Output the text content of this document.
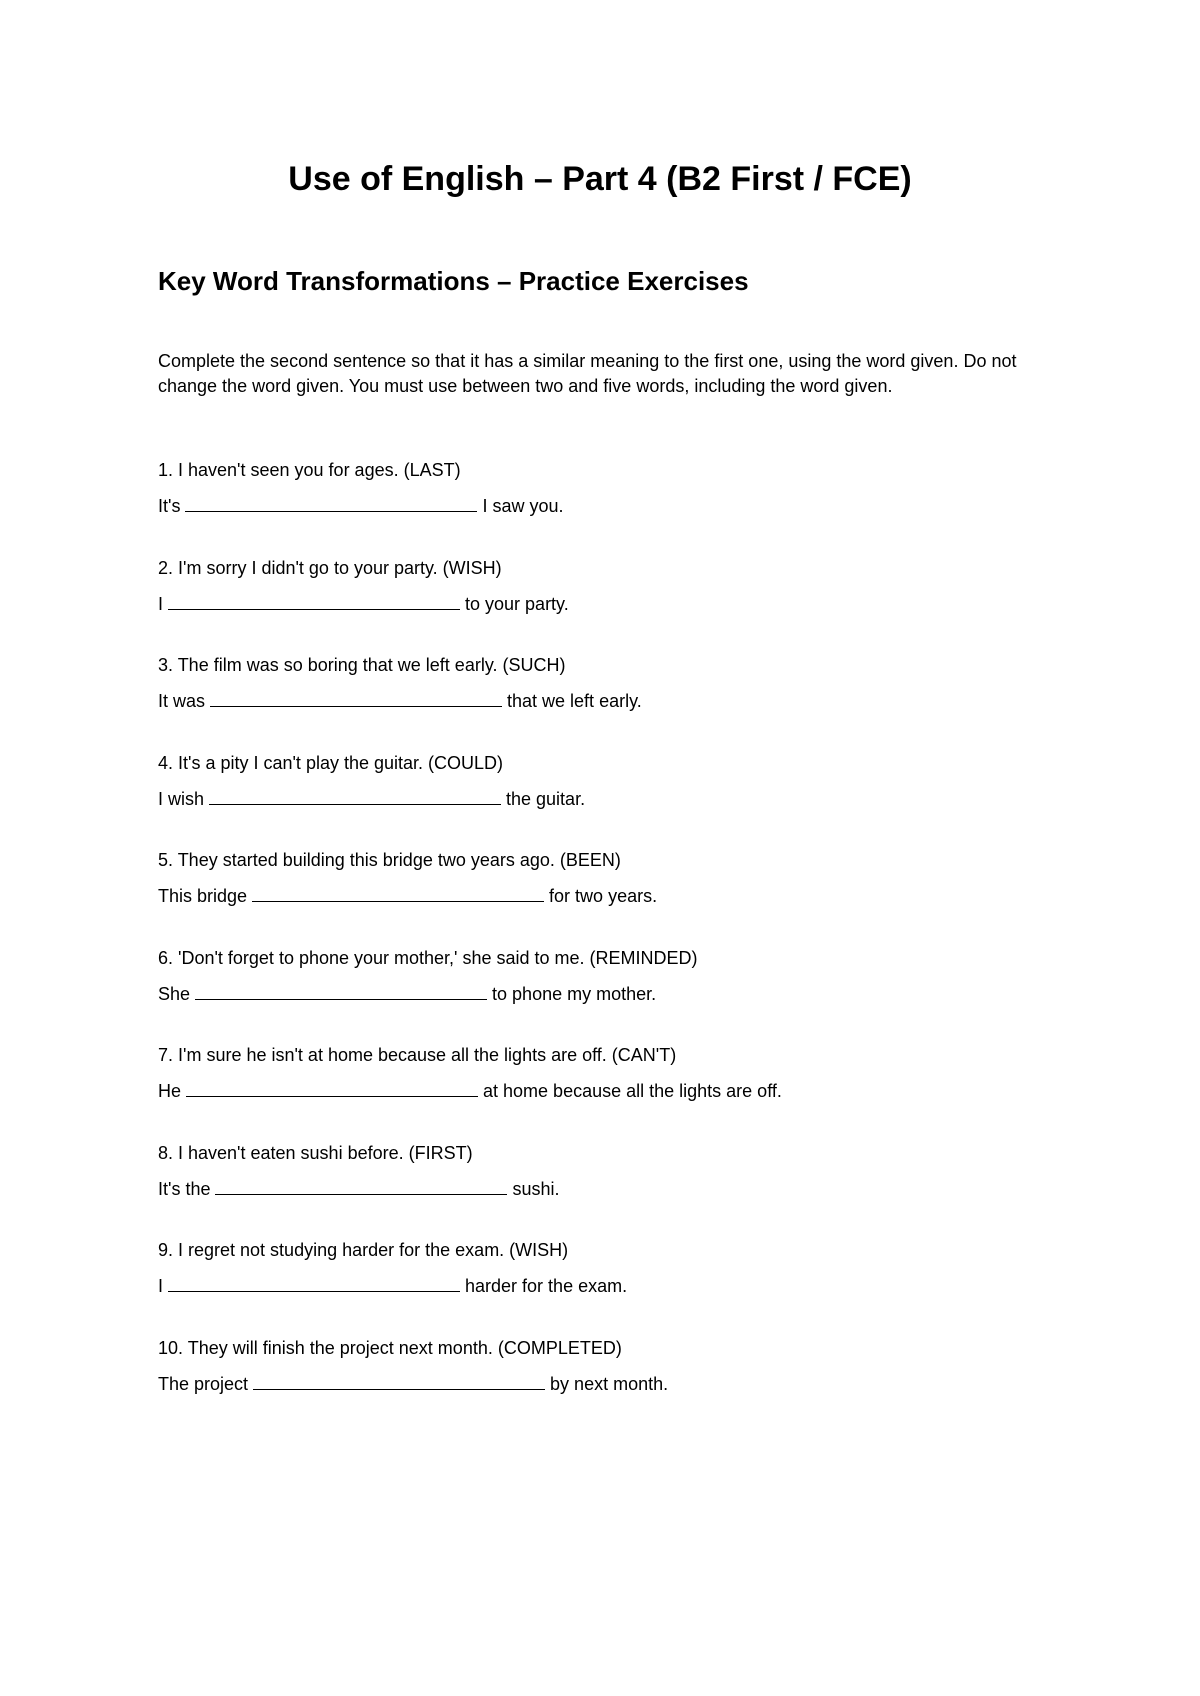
Use of English – Part 4 (B2 First / FCE)
Key Word Transformations – Practice Exercises

Complete the second sentence so that it has a similar meaning to the first one, using the word given. Do not change the word given. You must use between two and five words, including the word given.

1. I haven't seen you for ages. (LAST)

It's	I saw you.

2. I'm sorry I didn't go to your party. (WISH)

I	to your party.

3. The film was so boring that we left early. (SUCH)

It was	that we left early.

4. It's a pity I can't play the guitar. (COULD)

I wish	the guitar.

5. They started building this bridge two years ago. (BEEN)

This bridge	for two years.

6. 'Don't forget to phone your mother,' she said to me. (REMINDED)

She	to phone my mother.

7. I'm sure he isn't at home because all the lights are off. (CAN'T)

He	at home because all the lights are off.

8. I haven't eaten sushi before. (FIRST)

It's the	sushi.

9. I regret not studying harder for the exam. (WISH)

I	harder for the exam.

10. They will finish the project next month. (COMPLETED)

The project	by next month.
